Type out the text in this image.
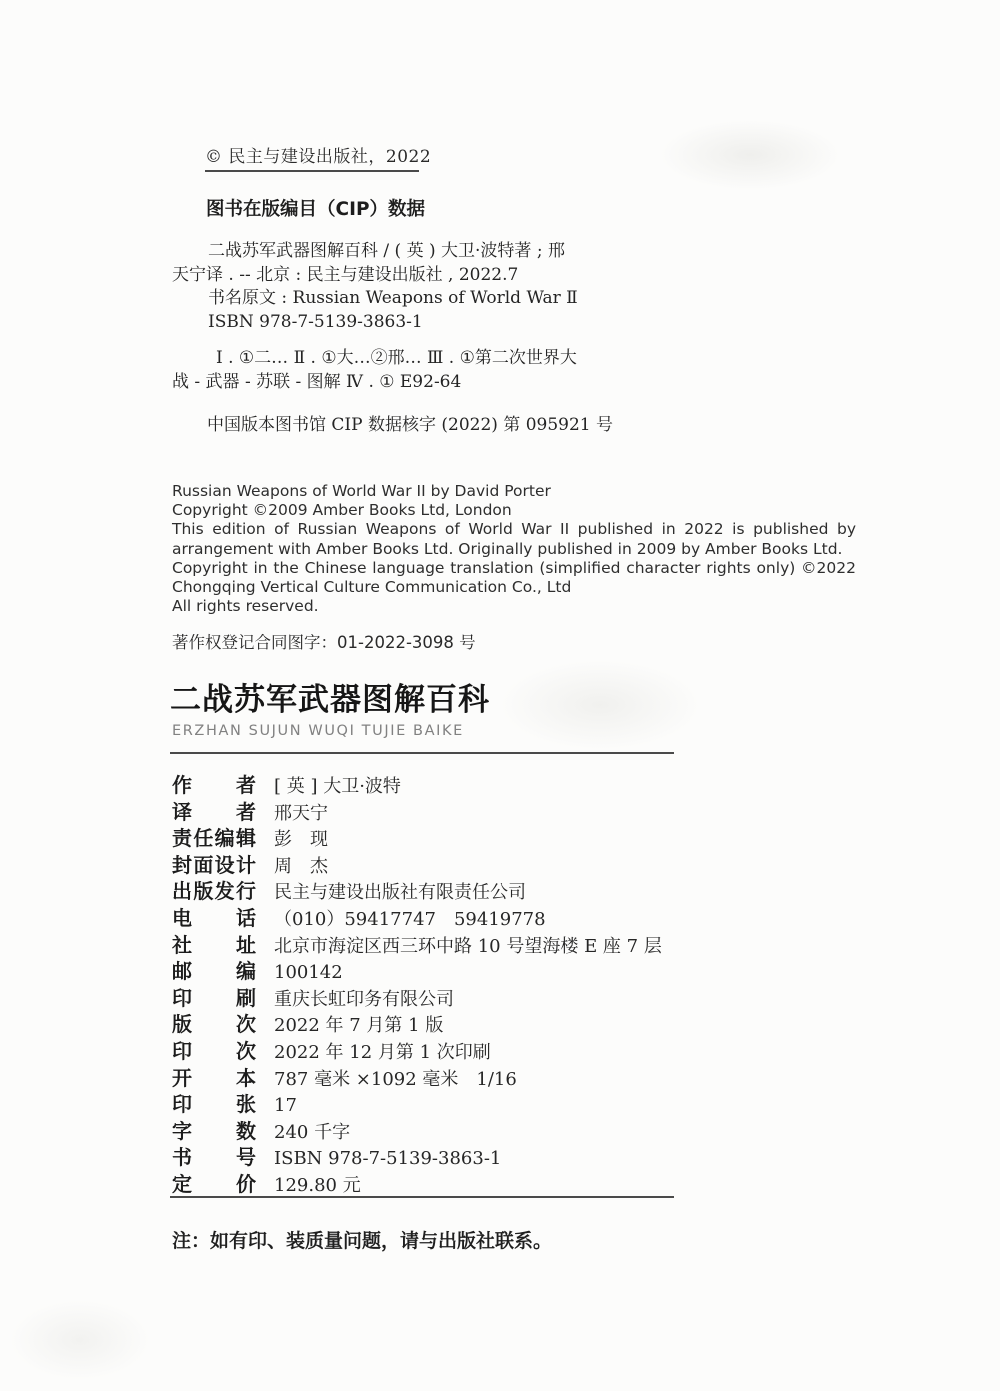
© 民主与建设出版社，2022
图书在版编目（CIP）数据
二战苏军武器图解百科 / ( 英 ) 大卫·波特著 ; 邢
天宁译 . -- 北京 : 民主与建设出版社 , 2022.7
书名原文 : Russian Weapons of World War Ⅱ
ISBN 978-7-5139-3863-1
Ⅰ . ①二… Ⅱ . ①大…②邢… Ⅲ . ①第二次世界大
战 - 武器 - 苏联 - 图解 Ⅳ . ① E92-64
中国版本图书馆 CIP 数据核字 (2022) 第 095921 号
Russian Weapons of World War II by David Porter
Copyright ©2009 Amber Books Ltd, London
This edition of Russian Weapons of World War II published in 2022 is published by
arrangement with Amber Books Ltd. Originally published in 2009 by Amber Books Ltd.
Copyright in the Chinese language translation (simplified character rights only) ©2022
Chongqing Vertical Culture Communication Co., Ltd
All rights reserved.
著作权登记合同图字：01-2022-3098 号
二战苏军武器图解百科
ERZHAN SUJUN WUQI TUJIE BAIKE
作者 [ 英 ] 大卫·波特
译者 邢天宁
责任编辑 彭　现
封面设计 周　杰
出版发行 民主与建设出版社有限责任公司
电话 （010）59417747　59419778
社址 北京市海淀区西三环中路 10 号望海楼 E 座 7 层
邮编 100142
印刷 重庆长虹印务有限公司
版次 2022 年 7 月第 1 版
印次 2022 年 12 月第 1 次印刷
开本 787 毫米 ×1092 毫米　1/16
印张 17
字数 240 千字
书号 ISBN 978-7-5139-3863-1
定价 129.80 元
注：如有印、装质量问题，请与出版社联系。
